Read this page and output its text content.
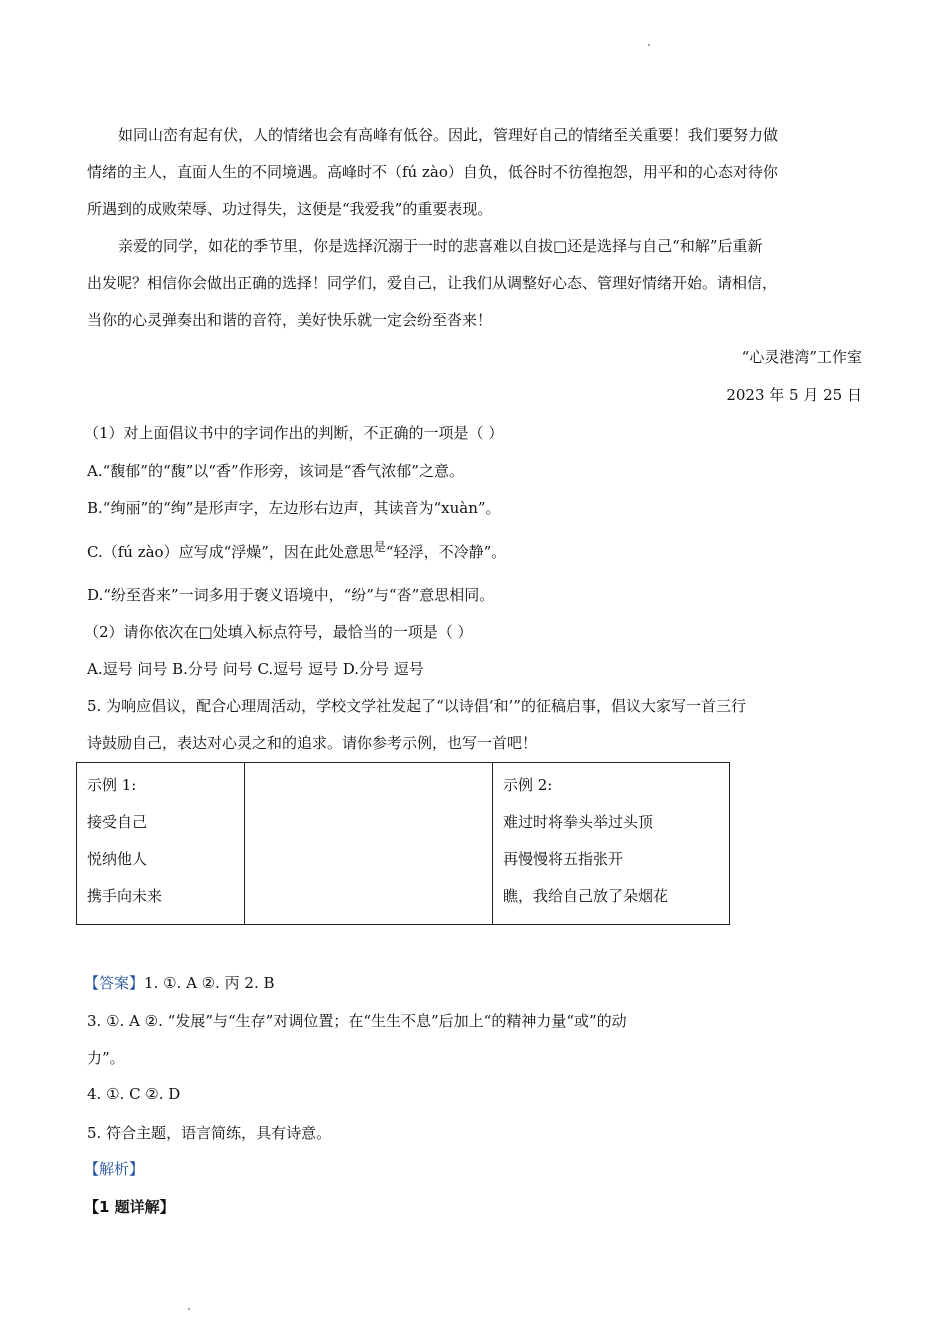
如同山峦有起有伏，人的情绪也会有高峰有低谷。因此，管理好自己的情绪至关重要！我们要努力做
情绪的主人，直面人生的不同境遇。高峰时不（fú zào）自负，低谷时不彷徨抱怨，用平和的心态对待你
所遇到的成败荣辱、功过得失，这便是“我爱我”的重要表现。
亲爱的同学，如花的季节里，你是选择沉溺于一时的悲喜难以自拔□还是选择与自己“和解”后重新
出发呢？相信你会做出正确的选择！同学们，爱自己，让我们从调整好心态、管理好情绪开始。请相信，
当你的心灵弹奏出和谐的音符，美好快乐就一定会纷至沓来！
“心灵港湾”工作室
2023 年 5 月 25 日
（1）对上面倡议书中的字词作出的判断，不正确的一项是（ ）
A.“馥郁”的“馥”以“香”作形旁，该词是“香气浓郁”之意。
B.“绚丽”的“绚”是形声字，左边形右边声，其读音为“xuàn”。
C.（fú zào）应写成“浮燥”，因在此处意思$^是$“轻浮，不冷静”。
D.“纷至沓来”一词多用于褒义语境中，“纷”与“沓”意思相同。
（2）请你依次在□处填入标点符号，最恰当的一项是（ ）
A.逗号 问号 B.分号 问号 C.逗号 逗号 D.分号 逗号
5. 为响应倡议，配合心理周活动，学校文学社发起了“以诗倡‘和’”的征稿启事，倡议大家写一首三行
诗鼓励自己，表达对心灵之和的追求。请你参考示例，也写一首吧！
示例 1:
接受自己
悦纳他人
携手向未来

示例 2:
难过时将拳头举过头顶
再慢慢将五指张开
瞧，我给自己放了朵烟花
【答案】1. ①. A ②. 丙 2. B
3. ①. A ②. “发展”与“生存”对调位置；在“生生不息”后加上“的精神力量“或”的动
力”。
4. ①. C ②. D
5. 符合主题，语言简练，具有诗意。
【解析】
【1 题详解】
